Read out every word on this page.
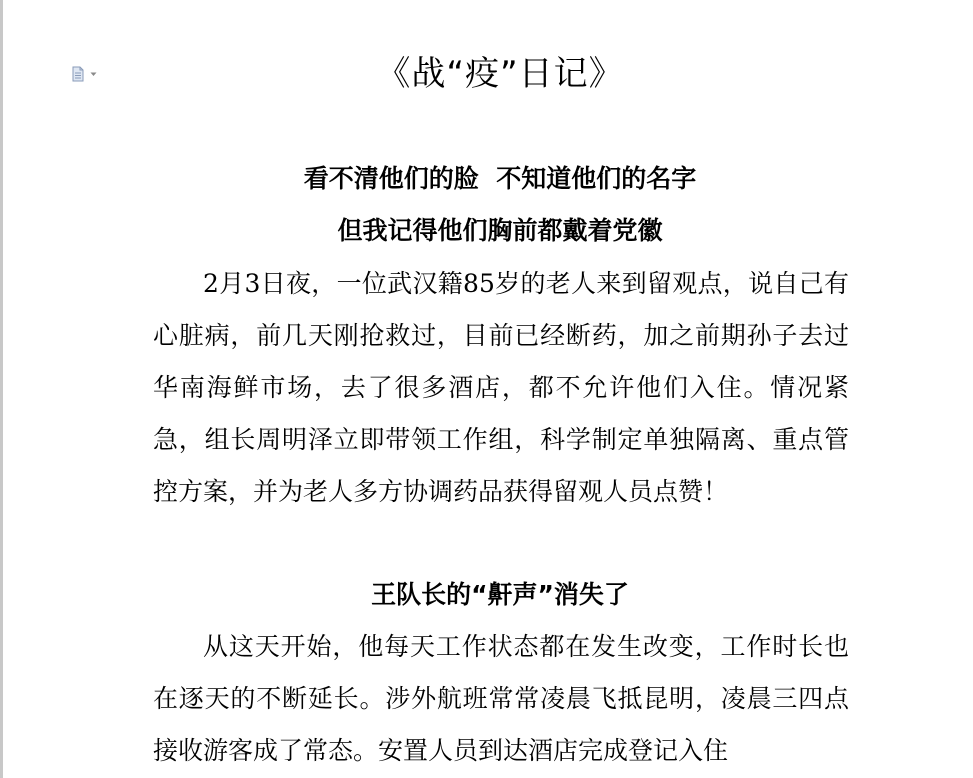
《战“疫”日记》
看不清他们的脸  不知道他们的名字
但我记得他们胸前都戴着党徽

2月3日夜，一位武汉籍85岁的老人来到留观点，说自己有心脏病，前几天刚抢救过，目前已经断药，加之前期孙子去过华南海鲜市场，去了很多酒店，都不允许他们入住。情况紧急，组长周明泽立即带领工作组，科学制定单独隔离、重点管控方案，并为老人多方协调药品获得留观人员点赞！

王队长的“鼾声”消失了

从这天开始，他每天工作状态都在发生改变，工作时长也在逐天的不断延长。涉外航班常常凌晨飞抵昆明，凌晨三四点接收游客成了常态。安置人员到达酒店完成登记入住
